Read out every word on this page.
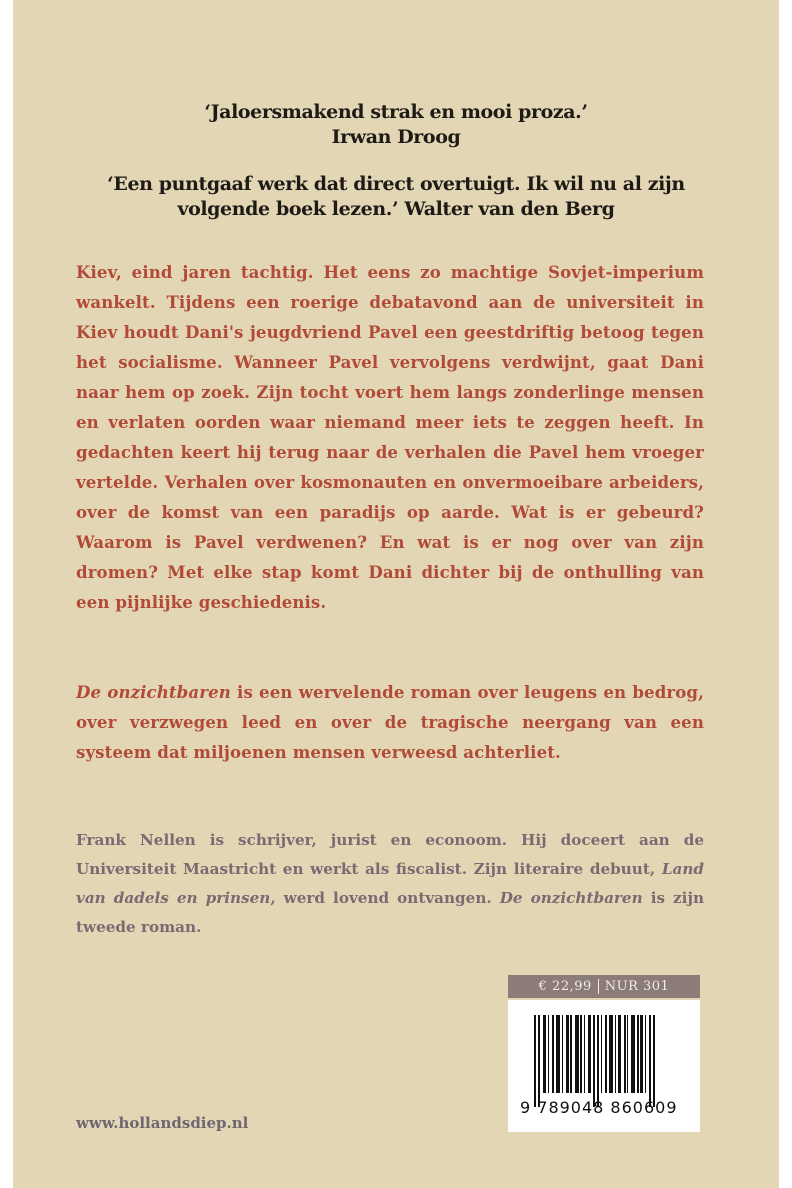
‘Jaloersmakend strak en mooi proza.’
Irwan Droog
‘Een puntgaaf werk dat direct overtuigt. Ik wil nu al zijn volgende boek lezen.’ Walter van den Berg

Kiev, eind jaren tachtig. Het eens zo machtige Sovjet-imperium wankelt. Tijdens een roerige debatavond aan de universiteit in Kiev houdt Dani's jeugdvriend Pavel een geestdriftig betoog tegen het socialisme. Wanneer Pavel vervolgens verdwijnt, gaat Dani naar hem op zoek. Zijn tocht voert hem langs zonderlinge mensen en verlaten oorden waar niemand meer iets te zeggen heeft. In gedachten keert hij terug naar de verhalen die Pavel hem vroeger vertelde. Verhalen over kosmonauten en onvermoeibare arbeiders, over de komst van een paradijs op aarde. Wat is er gebeurd? Waarom is Pavel verdwenen? En wat is er nog over van zijn dromen? Met elke stap komt Dani dichter bij de onthulling van een pijnlijke geschiedenis.

De onzichtbaren is een wervelende roman over leugens en bedrog, over verzwegen leed en over de tragische neergang van een systeem dat miljoenen mensen verweesd achterliet.

Frank Nellen is schrijver, jurist en econoom. Hij doceert aan de Universiteit Maastricht en werkt als fiscalist. Zijn literaire debuut, Land van dadels en prinsen, werd lovend ontvangen. De onzichtbaren is zijn tweede roman.

€ 22,99 NUR 301
9 789048 860609
www.hollandsdiep.nl
